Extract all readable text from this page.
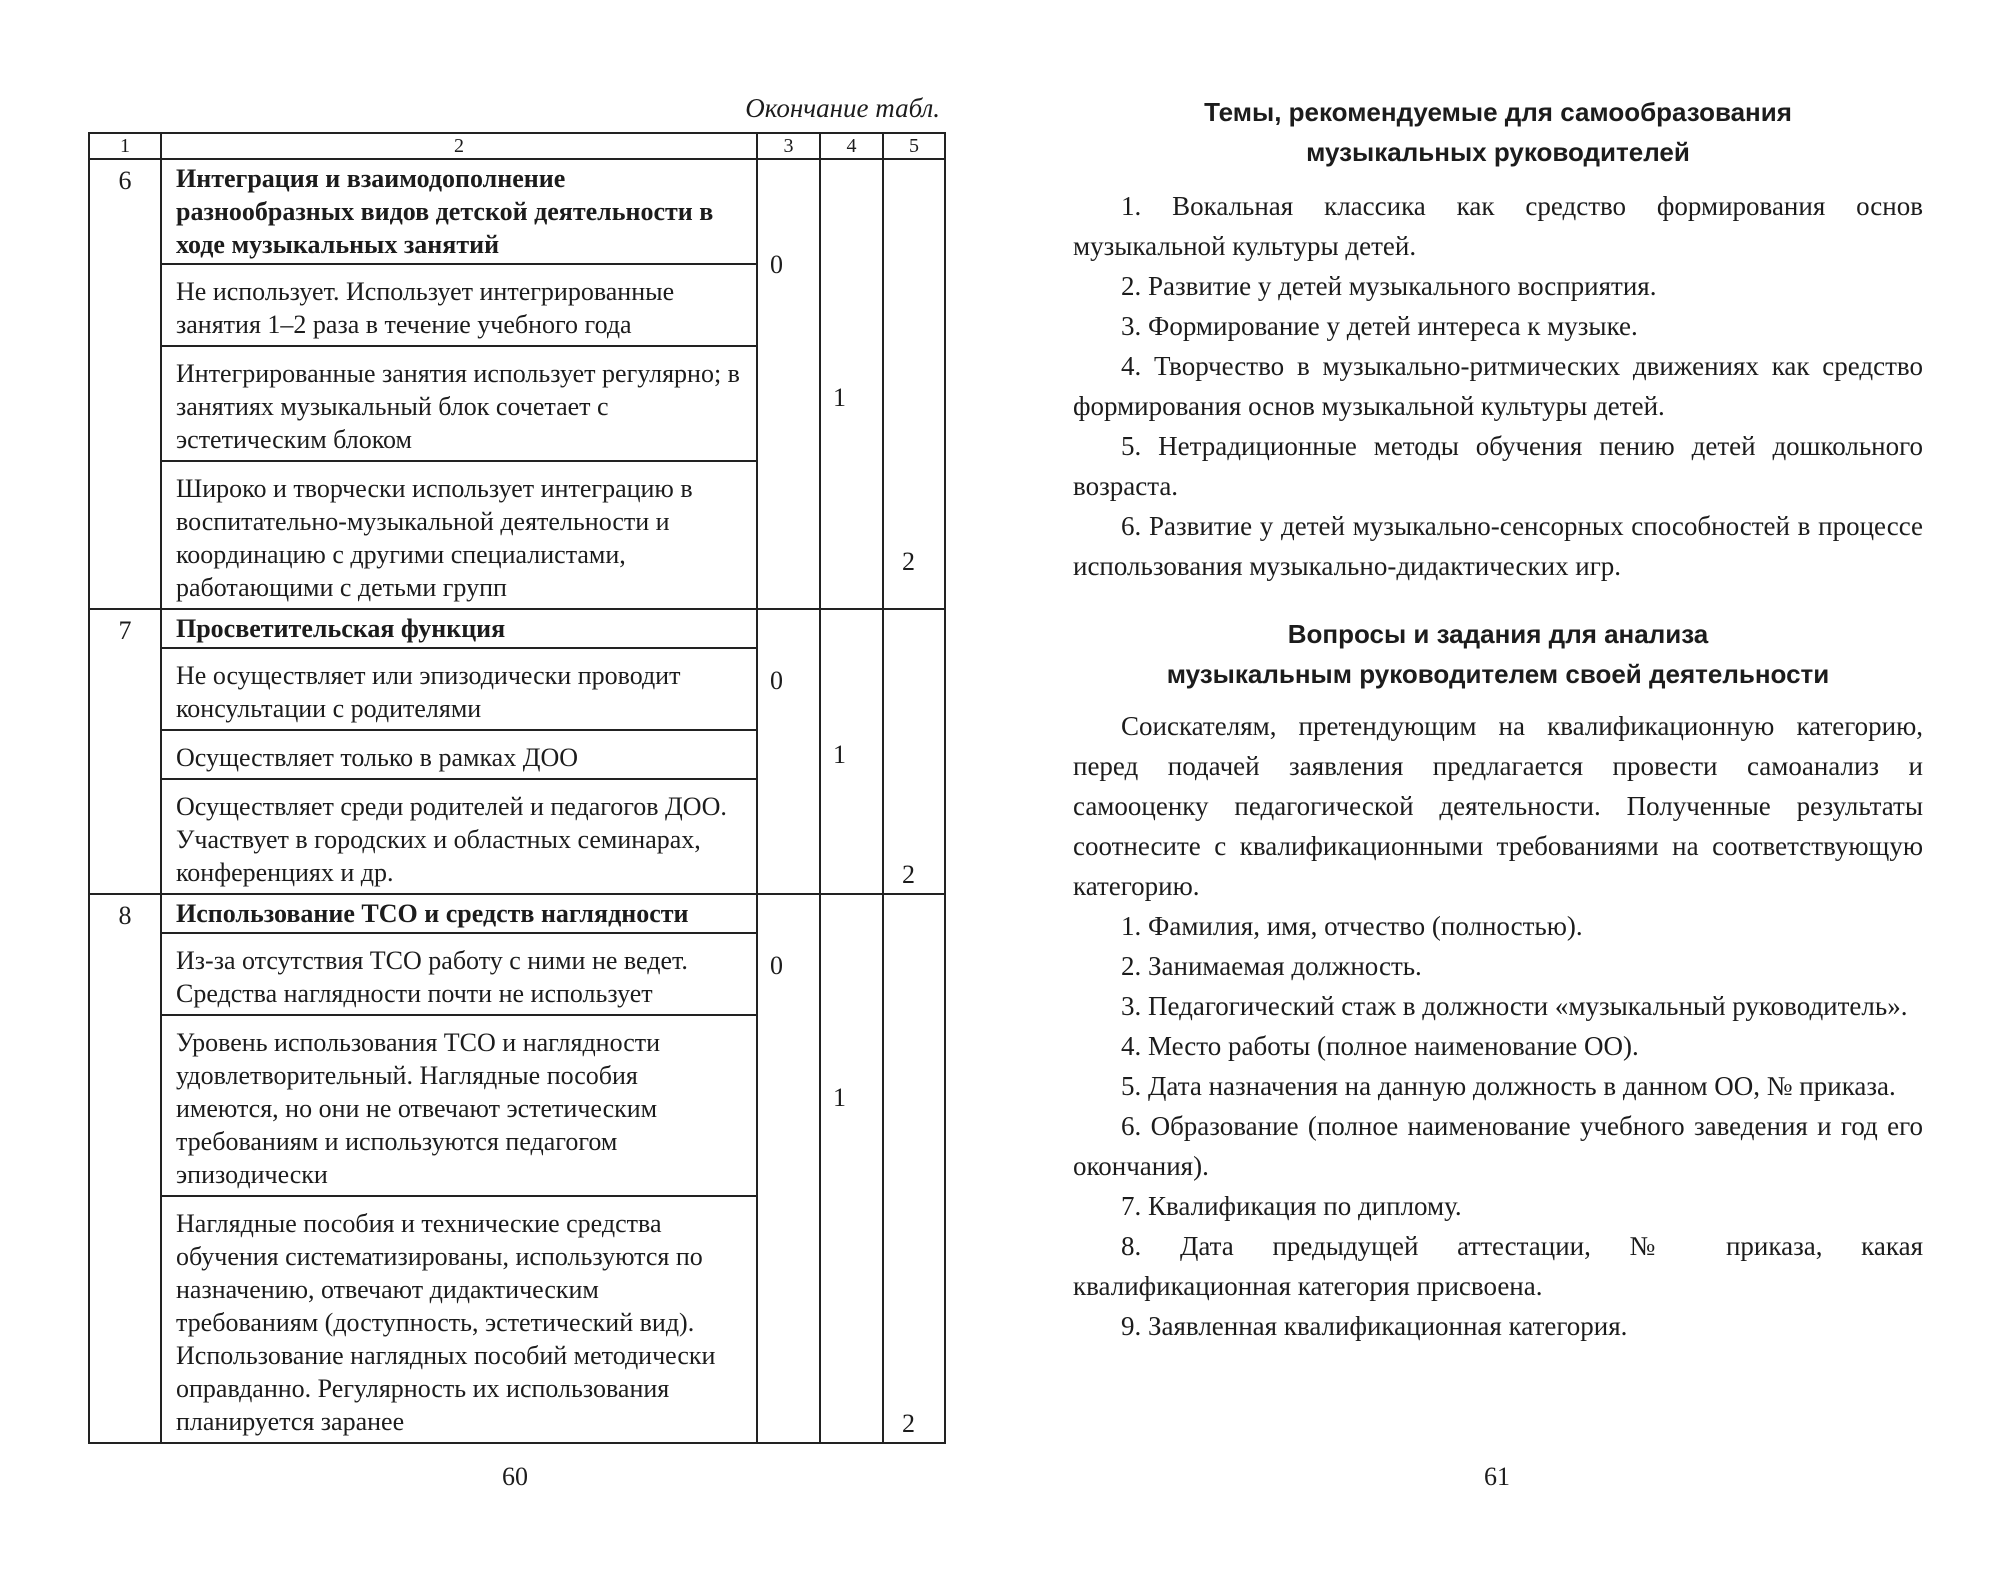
Окончание табл.
1	2	3	4	5
6	Интеграция и взаимодополнение разнообразных видов детской деятельности в ходе музыкальных занятий	0	1	2

	Не использует. Использует интегрированные занятия 1–2 раза в течение учебного года			
	Интегрированные занятия использует регулярно; в занятиях музыкальный блок сочетает с эстетическим блоком			
	Широко и творчески использует интеграцию в воспитательно-музыкальной деятельности и координацию с другими специалистами, работающими с детьми групп			
7	Просветительская функция	0	1	2

	Не осуществляет или эпизодически проводит консультации с родителями			
	Осуществляет только в рамках ДОО			
	Осуществляет среди родителей и педагогов ДОО. Участвует в городских и областных семинарах, конференциях и др.			
8	Использование ТСО и средств наглядности	0	1	2

	Из-за отсутствия ТСО работу с ними не ведет. Средства наглядности почти не использует			
	Уровень использования ТСО и наглядности удовлетворительный. Наглядные пособия имеются, но они не отвечают эстетическим требованиям и используются педагогом эпизодически			
	Наглядные пособия и технические средства обучения систематизированы, используются по назначению, отвечают дидактическим требованиям (доступность, эстетический вид). Использование наглядных пособий методически оправданно. Регулярность их использования планируется заранее			
60

Темы, рекомендуемые для самообразования

музыкальных руководителей

1. Вокальная классика как средство формирования основ музыкальной культуры детей.

2. Развитие у детей музыкального восприятия.

3. Формирование у детей интереса к музыке.

4. Творчество в музыкально-ритмических движениях как средство формирования основ музыкальной культуры детей.

5. Нетрадиционные методы обучения пению детей дошкольного возраста.

6. Развитие у детей музыкально-сенсорных способностей в процессе использования музыкально-дидактических игр.

Вопросы и задания для анализа

музыкальным руководителем своей деятельности

Соискателям, претендующим на квалификационную категорию, перед подачей заявления предлагается провести самоанализ и самооценку педагогической деятельности. Полученные результаты соотнесите с квалификационными требованиями на соответствующую категорию.

1. Фамилия, имя, отчество (полностью).

2. Занимаемая должность.

3. Педагогический стаж в должности «музыкальный руководитель».

4. Место работы (полное наименование ОО).

5. Дата назначения на данную должность в данном ОО, № приказа.

6. Образование (полное наименование учебного заведения и год его окончания).

7. Квалификация по диплому.

8. Дата предыдущей аттестации, № приказа, какая квалификационная категория присвоена.

9. Заявленная квалификационная категория.

61
